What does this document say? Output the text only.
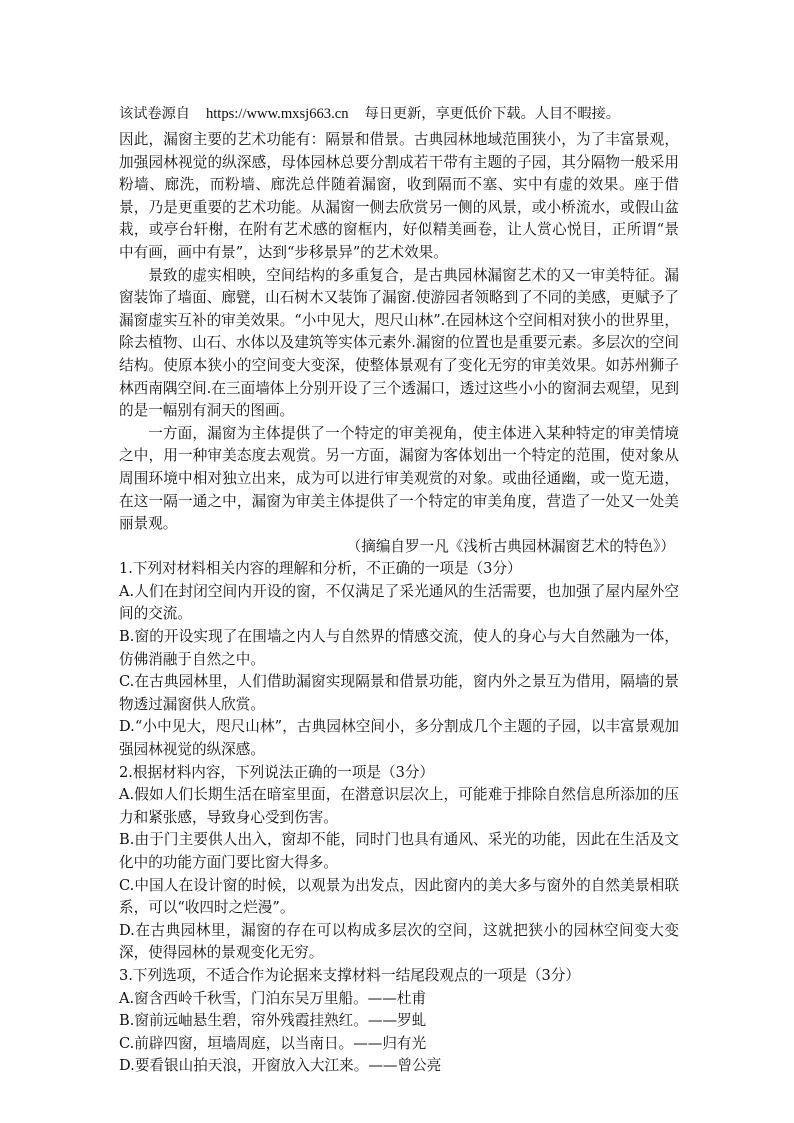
该试卷源自 https://www.mxsj663.cn 每日更新，享更低价下载。人目不暇接。

因此，漏窗主要的艺术功能有：隔景和借景。古典园林地域范围狭小，为了丰富景观，加强园林视觉的纵深感，母体园林总要分割成若干带有主题的子园，其分隔物一般采用粉墙、廊洗，而粉墙、廊洗总伴随着漏窗，收到隔而不塞、实中有虚的效果。座于借景，乃是更重要的艺术功能。从漏窗一侧去欣赏另一侧的风景，或小桥流水，或假山盆栽，或亭台轩榭，在附有艺术感的窗框内，好似精美画卷，让人赏心悦目，正所谓“景中有画，画中有景”，达到“步移景异”的艺术效果。

景致的虚实相映，空间结构的多重复合，是古典园林漏窗艺术的又一审美特征。漏窗装饰了墙面、廊甓，山石树木又装饰了漏窗.使游园者领略到了不同的美感，更赋予了漏窗虚实互补的审美效果。“小中见大，咫尺山林”.在园林这个空间相对狭小的世界里，除去植物、山石、水体以及建筑等实体元素外.漏窗的位置也是重要元素。多层次的空间结构。使原本狭小的空间变大变深，使整体景观有了变化无穷的审美效果。如苏州狮子林西南隅空间.在三面墙体上分别开设了三个透漏口，透过这些小小的窗洞去观望，见到的是一幅别有洞天的图画。

一方面，漏窗为主体提供了一个特定的审美视角，使主体进入某种特定的审美情境之中，用一种审美态度去观赏。另一方面，漏窗为客体划出一个特定的范围，使对象从周围环境中相对独立出来，成为可以进行审美观赏的对象。或曲径通幽，或一览无遗，在这一隔一通之中，漏窗为审美主体提供了一个特定的审美角度，营造了一处又一处美丽景观。

（摘编自罗一凡《浅析古典园林漏窗艺术的特色》）

1.下列对材料相关内容的理解和分析，不正确的一项是（3分）

A.人们在封闭空间内开设的窗，不仅满足了采光通风的生活需要，也加强了屋内屋外空间的交流。

B.窗的开设实现了在围墙之内人与自然界的情感交流，使人的身心与大自然融为一体，仿佛消融于自然之中。

C.在古典园林里，人们借助漏窗实现隔景和借景功能，窗内外之景互为借用，隔墙的景物透过漏窗供人欣赏。

D.“小中见大，咫尺山林”，古典园林空间小，多分割成几个主题的子园，以丰富景观加强园林视觉的纵深感。

2.根据材料内容，下列说法正确的一项是（3分）

A.假如人们长期生活在暗室里面，在潜意识层次上，可能难于排除自然信息所添加的压力和紧张感，导致身心受到伤害。

B.由于门主要供人出入，窗却不能，同时门也具有通风、采光的功能，因此在生活及文化中的功能方面门要比窗大得多。

C.中国人在设计窗的时候，以观景为出发点，因此窗内的美大多与窗外的自然美景相联系，可以“收四时之烂漫”。

D.在古典园林里，漏窗的存在可以构成多层次的空间，这就把狭小的园林空间变大变深，使得园林的景观变化无穷。

3.下列选项，不适合作为论据来支撑材料一结尾段观点的一项是（3分）

A.窗含西岭千秋雪，门泊东吴万里船。——杜甫

B.窗前远岫悬生碧，帘外残霞挂熟红。——罗虬

C.前辟四窗，垣墙周庭，以当南日。——归有光

D.要看银山拍天浪，开窗放入大江来。——曾公亮
